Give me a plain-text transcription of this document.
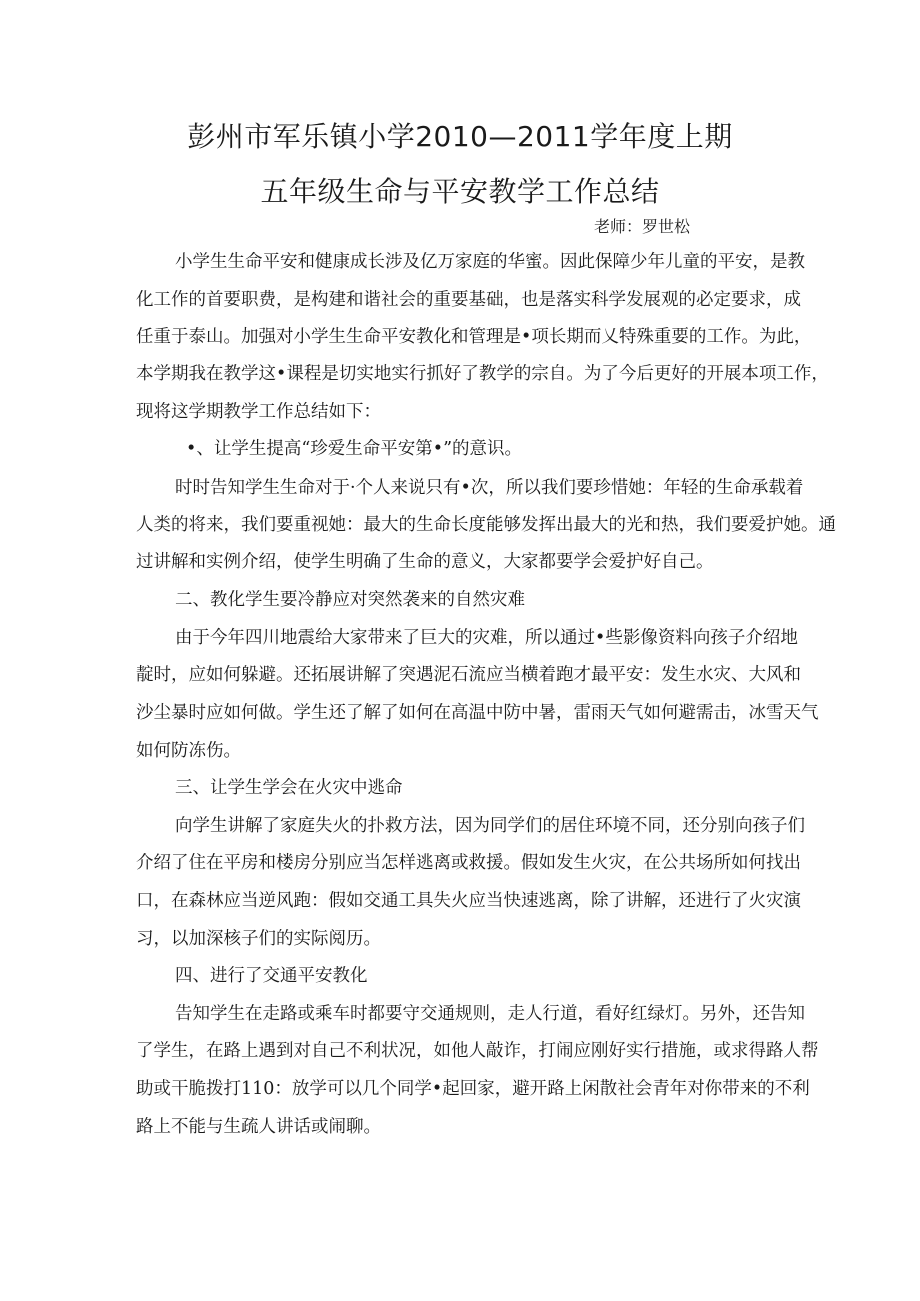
彭州市军乐镇小学2010—2011学年度上期
五年级生命与平安教学工作总结
老师：罗世松
小学生生命平安和健康成长涉及亿万家庭的华蜜。因此保障少年儿童的平安，是教
化工作的首要职费，是构建和谐社会的重要基础，也是落实科学发展观的必定要求，成
任重于泰山。加强对小学生生命平安教化和管理是•项长期而乂特殊重要的工作。为此，
本学期我在教学这•课程是切实地实行抓好了教学的宗自。为了今后更好的开展本项工作，
现将这学期教学工作总结如下：
•、让学生提高“珍爱生命平安第•”的意识。
时时告知学生生命对于·个人来说只有•次，所以我们要珍惜她：年轻的生命承载着
人类的将来，我们要重视她：最大的生命长度能够发挥出最大的光和热，我们要爱护她。通
过讲解和实例介绍，使学生明确了生命的意义，大家都要学会爱护好自己。
二、教化学生要冷静应对突然袭来的自然灾难
由于今年四川地震给大家带来了巨大的灾难，所以通过•些影像资料向孩子介绍地
靛时，应如何躲避。还拓展讲解了突遇泥石流应当横着跑才最平安：发生水灾、大风和
沙尘暴时应如何做。学生还了解了如何在高温中防中暑，雷雨天气如何避需击，冰雪天气
如何防冻伤。
三、让学生学会在火灾中逃命
向学生讲解了家庭失火的扑救方法，因为同学们的居住环境不同，还分别向孩子们
介绍了住在平房和楼房分别应当怎样逃离或救援。假如发生火灾，在公共场所如何找出
口，在森林应当逆风跑：假如交通工具失火应当快速逃离，除了讲解，还进行了火灾演
习，以加深核子们的实际阅历。
四、进行了交通平安教化
告知学生在走路或乘车时都要守交通规则，走人行道，看好红绿灯。另外，还告知
了学生，在路上遇到对自己不利状况，如他人敲诈，打闹应刚好实行措施，或求得路人帮
助或干脆拨打110：放学可以几个同学•起回家，避开路上闲散社会青年对你带来的不利
路上不能与生疏人讲话或闹聊。
